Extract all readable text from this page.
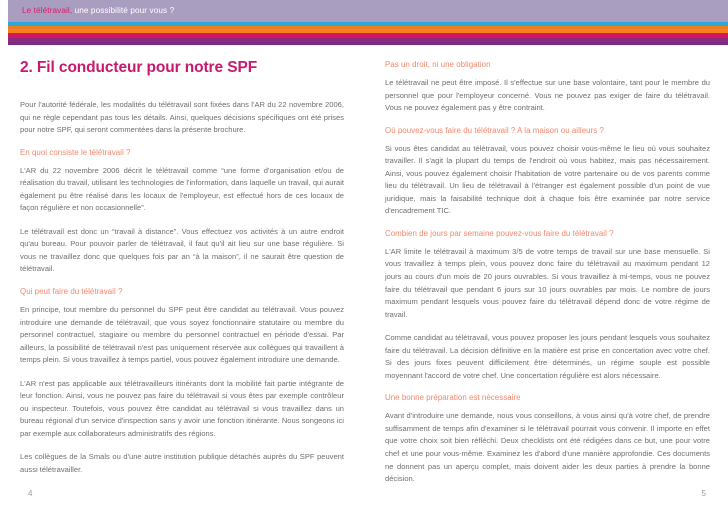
Le télétravail, une possibilité pour vous ?
2. Fil conducteur pour notre SPF

Pour l'autorité fédérale, les modalités du télétravail sont fixées dans l'AR du 22 novembre 2006, qui ne règle cependant pas tous les détails. Ainsi, quelques décisions spécifiques ont été prises pour notre SPF, qui seront commentées dans la présente brochure.

En quoi consiste le télétravail ?

L'AR du 22 novembre 2006 décrit le télétravail comme “une forme d'organisation et/ou de réalisation du travail, utilisant les technologies de l'information, dans laquelle un travail, qui aurait également pu être réalisé dans les locaux de l'employeur, est effectué hors de ces locaux de façon régulière et non occasionnelle”.

Le télétravail est donc un “travail à distance”. Vous effectuez vos activités à un autre endroit qu'au bureau. Pour pouvoir parler de télétravail, il faut qu'il ait lieu sur une base régulière. Si vous ne travaillez donc que quelques fois par an “à la maison”, il ne saurait être question de télétravail.

Qui peut faire du télétravail ?

En principe, tout membre du personnel du SPF peut être candidat au télétravail. Vous pouvez introduire une demande de télétravail, que vous soyez fonctionnaire statutaire ou membre du personnel contractuel, stagiaire ou membre du personnel contractuel en période d'essai. Par ailleurs, la possibilité de télétravail n'est pas uniquement réservée aux collègues qui travaillent à temps plein. Si vous travaillez à temps partiel, vous pouvez également introduire une demande.

L'AR n'est pas applicable aux télétravailleurs itinérants dont la mobilité fait partie intégrante de leur fonction. Ainsi, vous ne pouvez pas faire du télétravail si vous êtes par exemple contrôleur ou inspecteur. Toutefois, vous pouvez être candidat au télétravail si vous travaillez dans un bureau régional d'un service d'inspection sans y avoir une fonction itinérante. Nous songeons ici par exemple aux collaborateurs administratifs des régions.

Les collègues de la Smals ou d'une autre institution publique détachés auprès du SPF peuvent aussi télétravailler.

Pas un droit, ni une obligation

Le télétravail ne peut être imposé. Il s'effectue sur une base volontaire, tant pour le membre du personnel que pour l'employeur concerné. Vous ne pouvez pas exiger de faire du télétravail. Vous ne pouvez également pas y être contraint.

Où pouvez-vous faire du télétravail ? A la maison ou ailleurs ?

Si vous êtes candidat au télétravail, vous pouvez choisir vous-même le lieu où vous souhaitez travailler. Il s'agit la plupart du temps de l'endroit où vous habitez, mais pas nécessairement. Ainsi, vous pouvez également choisir l'habitation de votre partenaire ou de vos parents comme lieu du télétravail. Un lieu de télétravail à l'étranger est également possible d'un point de vue juridique, mais la faisabilité technique doit à chaque fois être examinée par notre service d'encadrement TIC.

Combien de jours par semaine pouvez-vous faire du télétravail ?

L'AR limite le télétravail à maximum 3/5 de votre temps de travail sur une base mensuelle. Si vous travaillez à temps plein, vous pouvez donc faire du télétravail au maximum pendant 12 jours au cours d'un mois de 20 jours ouvrables. Si vous travaillez à mi-temps, vous ne pouvez faire du télétravail que pendant 6 jours sur 10 jours ouvrables par mois. Le nombre de jours maximum pendant lesquels vous pouvez faire du télétravail dépend donc de votre régime de travail.

Comme candidat au télétravail, vous pouvez proposer les jours pendant lesquels vous souhaitez faire du télétravail. La décision définitive en la matière est prise en concertation avec votre chef. Si des jours fixes peuvent difficilement être déterminés, un régime souple est possible moyennant l'accord de votre chef. Une concertation régulière est alors nécessaire.

Une bonne préparation est nécessaire

Avant d'introduire une demande, nous vous conseillons, à vous ainsi qu'à votre chef, de prendre suffisamment de temps afin d'examiner si le télétravail pourrait vous convenir. Il importe en effet que votre choix soit bien réfléchi. Deux checklists ont été rédigées dans ce but, une pour votre chef et une pour vous-même. Examinez les d'abord d'une manière approfondie. Ces documents ne donnent pas un aperçu complet, mais doivent aider les deux parties à prendre la bonne décision.

4	5
